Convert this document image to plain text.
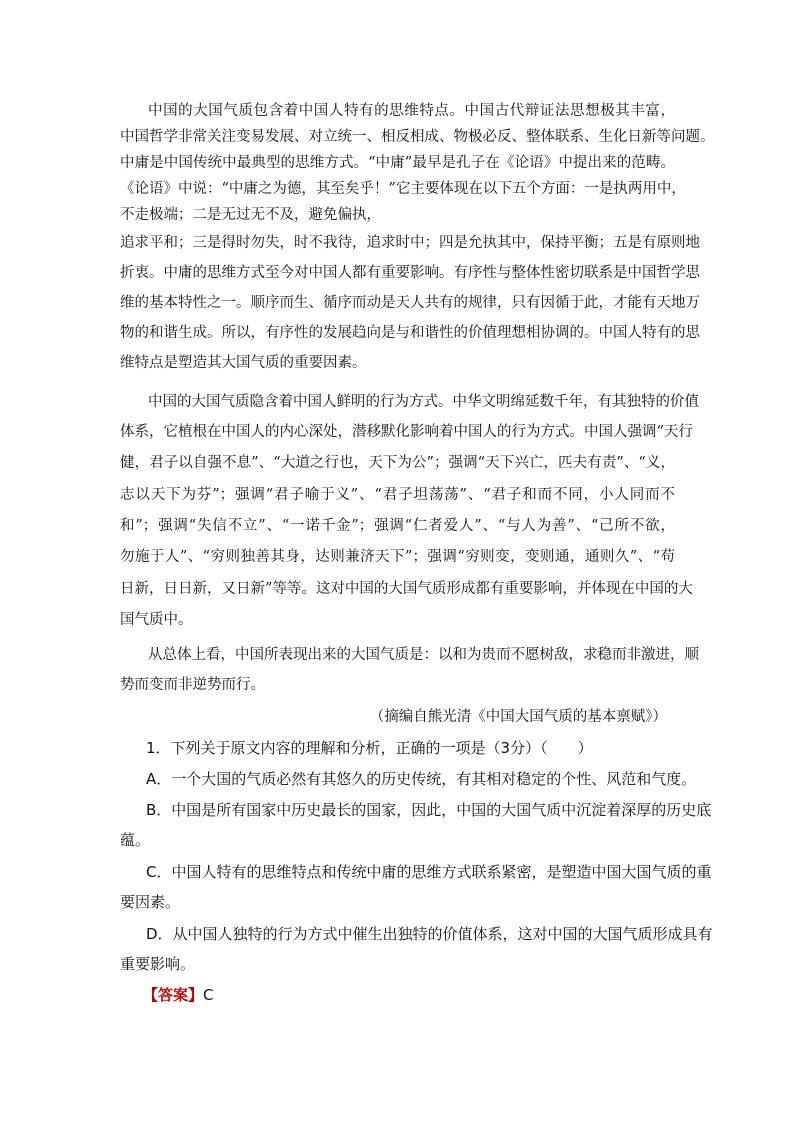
中国的大国气质包含着中国人特有的思维特点。中国古代辩证法思想极其丰富，
中国哲学非常关注变易发展、对立统一、相反相成、物极必反、整体联系、生化日新等问题。
中庸是中国传统中最典型的思维方式。“中庸”最早是孔子在《论语》中提出来的范畴。
《论语》中说：“中庸之为德，其至矣乎！”它主要体现在以下五个方面：一是执两用中，
不走极端；二是无过无不及，避免偏执，
追求平和；三是得时勿失，时不我待，追求时中；四是允执其中，保持平衡；五是有原则地
折衷。中庸的思维方式至今对中国人都有重要影响。有序性与整体性密切联系是中国哲学思
维的基本特性之一。顺序而生、循序而动是天人共有的规律，只有因循于此，才能有天地万
物的和谐生成。所以，有序性的发展趋向是与和谐性的价值理想相协调的。中国人特有的思
维特点是塑造其大国气质的重要因素。
中国的大国气质隐含着中国人鲜明的行为方式。中华文明绵延数千年，有其独特的价值
体系，它植根在中国人的内心深处，潜移默化影响着中国人的行为方式。中国人强调“天行
健，君子以自强不息”、“大道之行也，天下为公”；强调“天下兴亡，匹夫有责”、“义，
志以天下为芬”；强调“君子喻于义”、“君子坦荡荡”、“君子和而不同，小人同而不
和”；强调“失信不立”、“一诺千金”；强调“仁者爱人”、“与人为善”、“己所不欲，
勿施于人”、“穷则独善其身，达则兼济天下”；强调“穷则变，变则通，通则久”、“苟
日新，日日新，又日新”等等。这对中国的大国气质形成都有重要影响，并体现在中国的大
国气质中。
从总体上看，中国所表现出来的大国气质是：以和为贵而不愿树敌，求稳而非激进，顺
势而变而非逆势而行。
（摘编自熊光清《中国大国气质的基本禀赋》）
1．下列关于原文内容的理解和分析，正确的一项是（3分）（　　）
A．一个大国的气质必然有其悠久的历史传统，有其相对稳定的个性、风范和气度。
B．中国是所有国家中历史最长的国家，因此，中国的大国气质中沉淀着深厚的历史底
蕴。
C．中国人特有的思维特点和传统中庸的思维方式联系紧密，是塑造中国大国气质的重
要因素。
D．从中国人独特的行为方式中催生出独特的价值体系，这对中国的大国气质形成具有
重要影响。
【答案】C
